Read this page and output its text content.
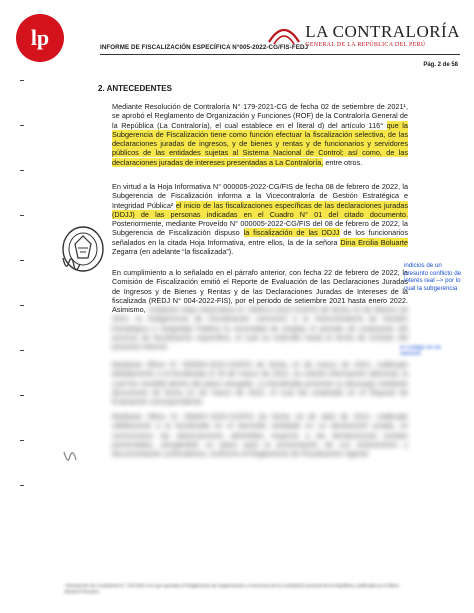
lp	INFORME DE FISCALIZACIÓN ESPECÍFICA N°005-2022-CG/FIS-FEDJ
LA CONTRALORÍA
GENERAL DE LA REPÚBLICA DEL PERÚ
Pág. 2 de 58
2. ANTECEDENTES
Mediante Resolución de Contraloría N° 179-2021-CG de fecha 02 de setiembre de 2021¹, se aprobó el Reglamento de Organización y Funciones (ROF) de la Contraloría General de la República (La Contraloría), el cual establece en el literal d) del artículo 116° que la Subgerencia de Fiscalización tiene como función efectuar la fiscalización selectiva, de las declaraciones juradas de ingresos, y de bienes y rentas y de funcionarios y servidores públicos de las entidades sujetas al Sistema Nacional de Control; así como, de las declaraciones juradas de intereses presentadas a La Contraloría, entre otros.
En virtud a la Hoja Informativa N° 000005-2022-CG/FIS de fecha 08 de febrero de 2022, la Subgerencia de Fiscalización informa a la Vicecontraloría de Gestión Estratégica e Integridad Pública² el inicio de las fiscalizaciones específicas de las declaraciones juradas (DDJJ) de las personas indicadas en el Cuadro N° 01 del citado documento. Posteriormente, mediante Proveído N° 000005-2022-CG/FIS del 08 de febrero de 2022, la Subgerencia de Fiscalización dispuso la fiscalización de las DDJJ de los funcionarios señalados en la citada Hoja Informativa, entre ellos, la de la señora Dina Ercilia Boluarte Zegarra (en adelante “la fiscalizada”).
En cumplimiento a lo señalado en el párrafo anterior, con fecha 22 de febrero de 2022, la Comisión de Fiscalización emitió el Reporte de Evaluación de las Declaraciones Juradas de Ingresos y de Bienes y Rentas y de las Declaraciones Juradas de Intereses de la fiscalizada (REDJ N° 004-2022-FIS), por el periodo de setiembre 2021 hasta enero 2022. Asimismo, mediante Hoja Informativa N° 000012-2022-CG/FIS de fecha 23 de febrero de 2022, la Subgerencia de Fiscalización comunicó a la Vicecontraloría de Gestión Estratégica e Integridad Pública la necesidad de ampliar el periodo de evaluación del proceso de fiscalización específica, el cual se extendió hasta la fecha de emisión del presente informe.
Mediante Oficio N° 000000-2022-CG/FIS de fecha 14 de marzo de 2022, notificado debidamente a la fiscalizada el 16 de marzo de 2022, se solicitó información adicional, la cual fue remitida dentro del plazo otorgado. La fiscalizada presentó su descargo mediante documento de fecha 22 de marzo de 2022, el cual fue analizado en el Reporte de Evaluación correspondiente.
Mediante Oficio N° 000007-2022-CG/FIS de fecha 18 de abril de 2022, notificado válidamente a la fiscalizada en el domicilio señalado en su declaración jurada, se comunicaron las observaciones advertidas respecto a las declaraciones juradas presentadas, otorgándole un plazo para la presentación de sus aclaraciones y documentación sustentatoria, conforme al Reglamento de Fiscalización vigente.
indicios de un presunto conflicto de interés real –> por lo cual la subgerencia
El codigo no es sancion
¹ Resolución de Contraloría N° 179-2021-CG que aprueba el Reglamento de Organización y Funciones de la Contraloría General de la República, publicada en el diario oficial El Peruano.
